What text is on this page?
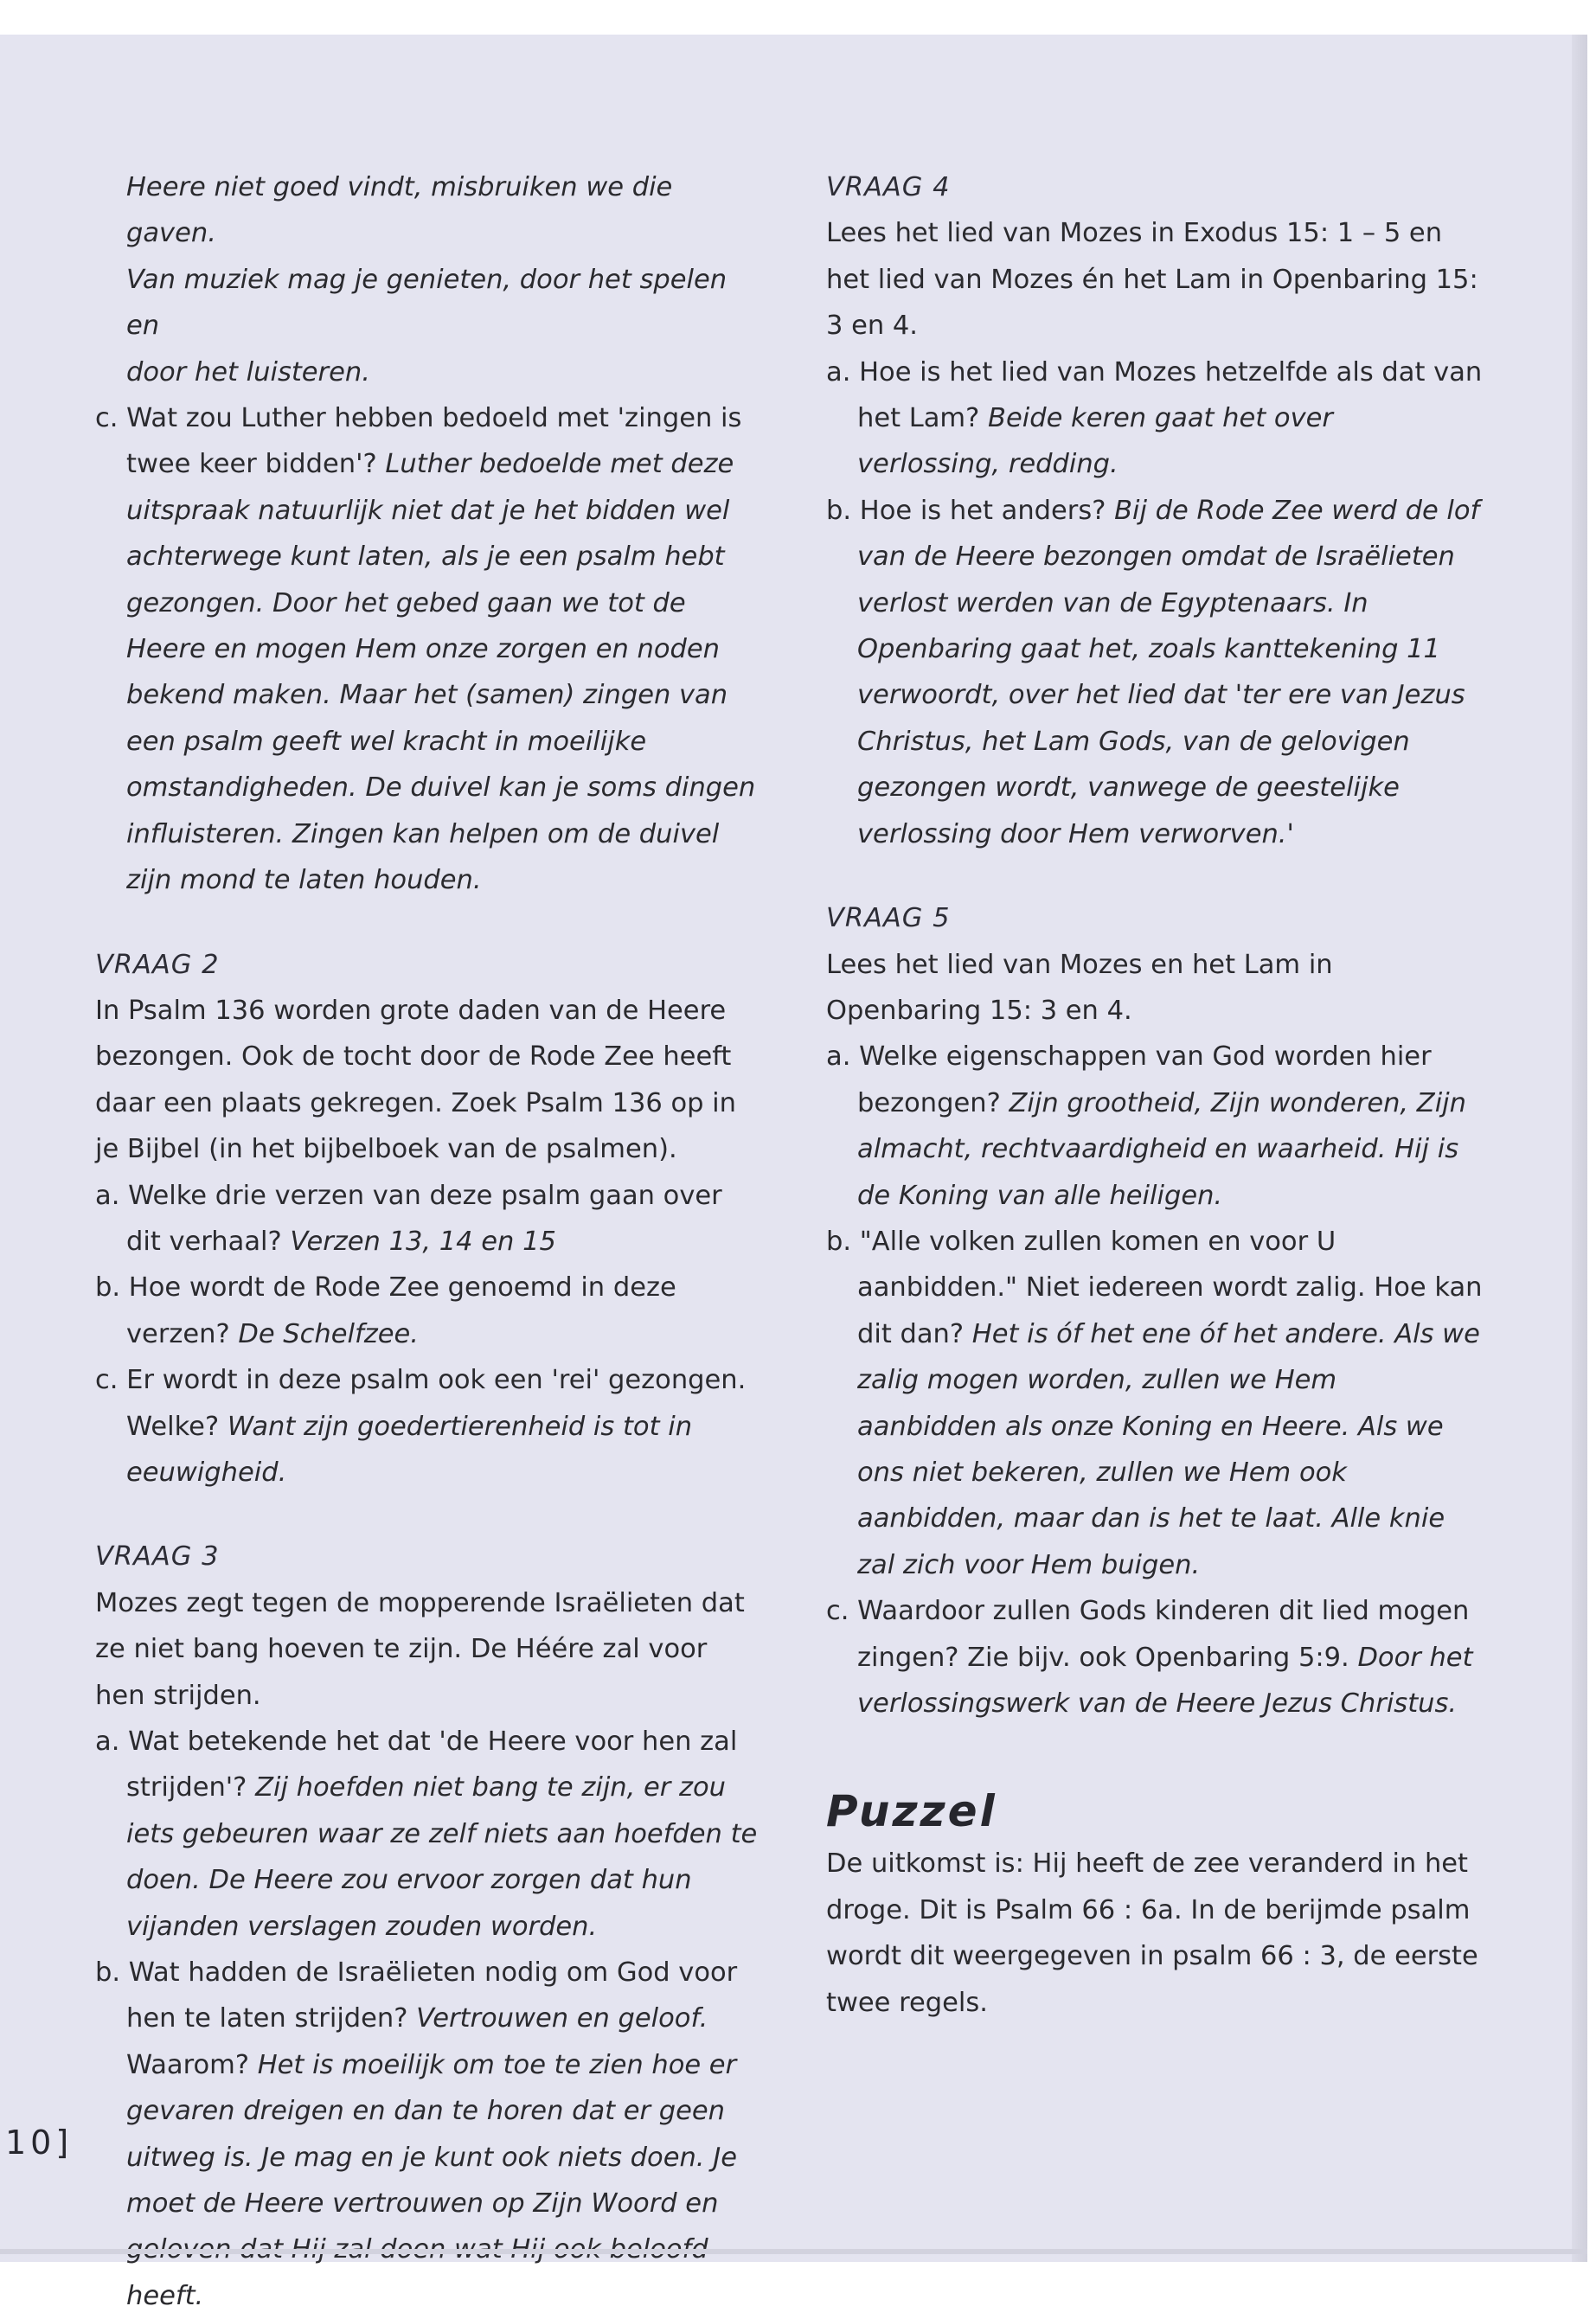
Heere niet goed vindt, misbruiken we die gaven.

Van muziek mag je genieten, door het spelen en

door het luisteren.

c. Wat zou Luther hebben bedoeld met 'zingen is twee keer bidden'? Luther bedoelde met deze uitspraak natuurlijk niet dat je het bidden wel achterwege kunt laten, als je een psalm hebt gezongen. Door het gebed gaan we tot de Heere en mogen Hem onze zorgen en noden bekend maken. Maar het (samen) zingen van een psalm geeft wel kracht in moeilijke omstandigheden. De duivel kan je soms dingen influisteren. Zingen kan helpen om de duivel zijn mond te laten houden.

VRAAG 2

In Psalm 136 worden grote daden van de Heere bezongen. Ook de tocht door de Rode Zee heeft daar een plaats gekregen. Zoek Psalm 136 op in je Bijbel (in het bijbelboek van de psalmen).

a. Welke drie verzen van deze psalm gaan over dit verhaal? Verzen 13, 14 en 15

b. Hoe wordt de Rode Zee genoemd in deze verzen? De Schelfzee.

c. Er wordt in deze psalm ook een 'rei' gezongen. Welke? Want zijn goedertierenheid is tot in eeuwigheid.

VRAAG 3

Mozes zegt tegen de mopperende Israëlieten dat ze niet bang hoeven te zijn. De Héére zal voor hen strijden.

a. Wat betekende het dat 'de Heere voor hen zal strijden'? Zij hoefden niet bang te zijn, er zou iets gebeuren waar ze zelf niets aan hoefden te doen. De Heere zou ervoor zorgen dat hun vijanden verslagen zouden worden.

b. Wat hadden de Israëlieten nodig om God voor hen te laten strijden? Vertrouwen en geloof. Waarom? Het is moeilijk om toe te zien hoe er gevaren dreigen en dan te horen dat er geen uitweg is. Je mag en je kunt ook niets doen. Je moet de Heere vertrouwen op Zijn Woord en heeft.

VRAAG 4

Lees het lied van Mozes in Exodus 15: 1 – 5 en het lied van Mozes én het Lam in Openbaring 15: 3 en 4.

a. Hoe is het lied van Mozes hetzelfde als dat van het Lam? Beide keren gaat het over verlossing, redding.

b. Hoe is het anders? Bij de Rode Zee werd de lof van de Heere bezongen omdat de Israëlieten verlost werden van de Egyptenaars. In Openbaring gaat het, zoals kanttekening 11 verwoordt, over het lied dat 'ter ere van Jezus Christus, het Lam Gods, van de gelovigen gezongen wordt, vanwege de geestelijke verlossing door Hem verworven.'

VRAAG 5

Lees het lied van Mozes en het Lam in Openbaring 15: 3 en 4.

a. Welke eigenschappen van God worden hier bezongen? Zijn grootheid, Zijn wonderen, Zijn almacht, rechtvaardigheid en waarheid. Hij is de Koning van alle heiligen.

b. "Alle volken zullen komen en voor U aanbidden." Niet iedereen wordt zalig. Hoe kan dit dan? Het is óf het ene óf het andere. Als we zalig mogen worden, zullen we Hem aanbidden als onze Koning en Heere. Als we ons niet bekeren, zullen we Hem ook aanbidden, maar dan is het te laat. Alle knie zal zich voor Hem buigen.

c. Waardoor zullen Gods kinderen dit lied mogen zingen? Zie bijv. ook Openbaring 5:9. Door het verlossingswerk van de Heere Jezus Christus.

Puzzel

De uitkomst is: Hij heeft de zee veranderd in het droge. Dit is Psalm 66 : 6a. In de berijmde psalm wordt dit weergegeven in psalm 66 : 3, de eerste twee regels.

10]
